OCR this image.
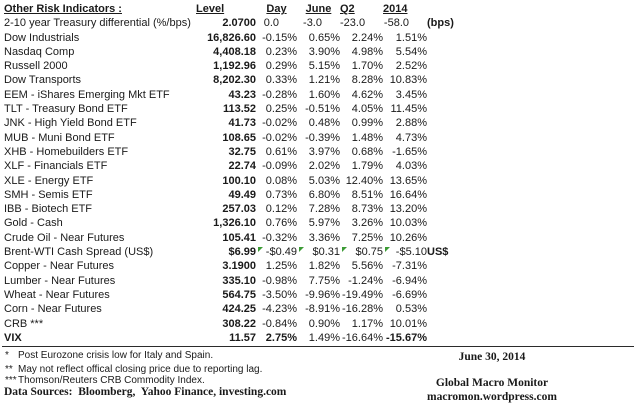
Other Risk Indicators :	Level	Day	June	Q2	2014	
2-10 year Treasury differential (%/bps)	2.0700	0.0	-3.0	-23.0	-58.0	(bps)
Dow Industrials	16,826.60	-0.15%	0.65%	2.24%	1.51%	
Nasdaq Comp	4,408.18	0.23%	3.90%	4.98%	5.54%	
Russell 2000	1,192.96	0.29%	5.15%	1.70%	2.52%	
Dow Transports	8,202.30	0.33%	1.21%	8.28%	10.83%	
EEM - iShares Emerging Mkt ETF	43.23	-0.28%	1.60%	4.62%	3.45%	
TLT - Treasury Bond ETF	113.52	0.25%	-0.51%	4.05%	11.45%	
JNK - High Yield Bond ETF	41.73	-0.02%	0.48%	0.99%	2.88%	
MUB - Muni Bond ETF	108.65	-0.02%	-0.39%	1.48%	4.73%	
XHB - Homebuilders ETF	32.75	0.61%	3.97%	0.68%	-1.65%	
XLF - Financials ETF	22.74	-0.09%	2.02%	1.79%	4.03%	
XLE - Energy ETF	100.10	0.08%	5.03%	12.40%	13.65%	
SMH - Semis ETF	49.49	0.73%	6.80%	8.51%	16.64%	
IBB - Biotech ETF	257.03	0.12%	7.28%	8.73%	13.20%	
Gold - Cash	1,326.10	0.76%	5.97%	3.26%	10.03%	
Crude Oil - Near Futures	105.41	-0.32%	3.36%	7.25%	10.26%	
Brent-WTI Cash Spread (US$)	$6.99	-$0.49	$0.31	$0.75	-$5.10	US$
Copper - Near Futures	3.1900	1.25%	1.82%	5.56%	-7.31%	
Lumber - Near Futures	335.10	-0.98%	7.75%	-1.24%	-6.94%	
Wheat - Near Futures	564.75	-3.50%	-9.96%	-19.49%	-6.69%	
Corn - Near Futures	424.25	-4.23%	-8.91%	-16.28%	0.53%	
CRB ***	308.22	-0.84%	0.90%	1.17%	10.01%	
VIX	11.57	2.75%	1.49%	-16.64%	-15.67%	
* Post Eurozone crisis low for Italy and Spain.
** May not reflect offical closing price due to reporting lag.
*** Thomson/Reuters CRB Commodity Index.
Data Sources:  Bloomberg,  Yahoo Finance, investing.com
June 30, 2014
Global Macro Monitor
macromon.wordpress.com
